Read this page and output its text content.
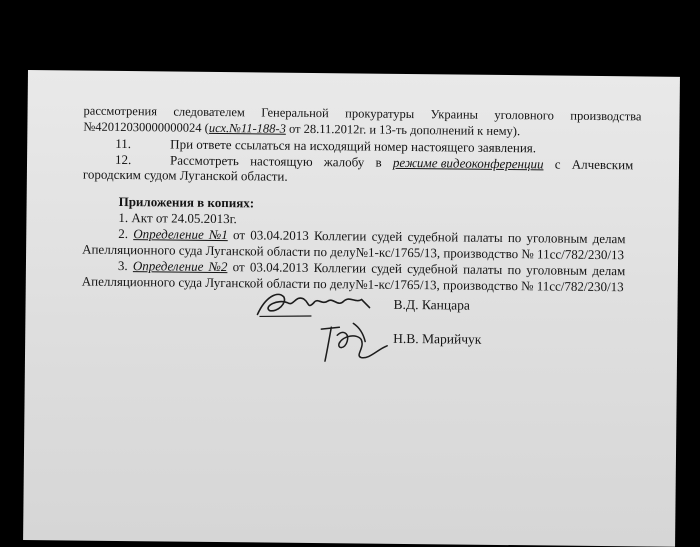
рассмотрения следователем Генеральной прокуратуры Украины уголовного производства
№42012030000000024 (исх.№11-188-3 от 28.11.2012г. и 13-ть дополнений к нему).
11.	При ответе ссылаться на исходящий номер настоящего заявления.
12.	Рассмотреть настоящую жалобу в режиме видеоконференции с Алчевским
городским судом Луганской области.
Приложения в копиях:
1. Акт от 24.05.2013г.
2. Определение №1 от 03.04.2013 Коллегии судей судебной палаты по уголовным делам
Апелляционного суда Луганской области по делу№1-кс/1765/13, производство № 11сс/782/230/13
3. Определение №2 от 03.04.2013 Коллегии судей судебной палаты по уголовным делам
Апелляционного суда Луганской области по делу№1-кс/1765/13, производство № 11сс/782/230/13
В.Д. Канцара
Н.В. Марийчук
